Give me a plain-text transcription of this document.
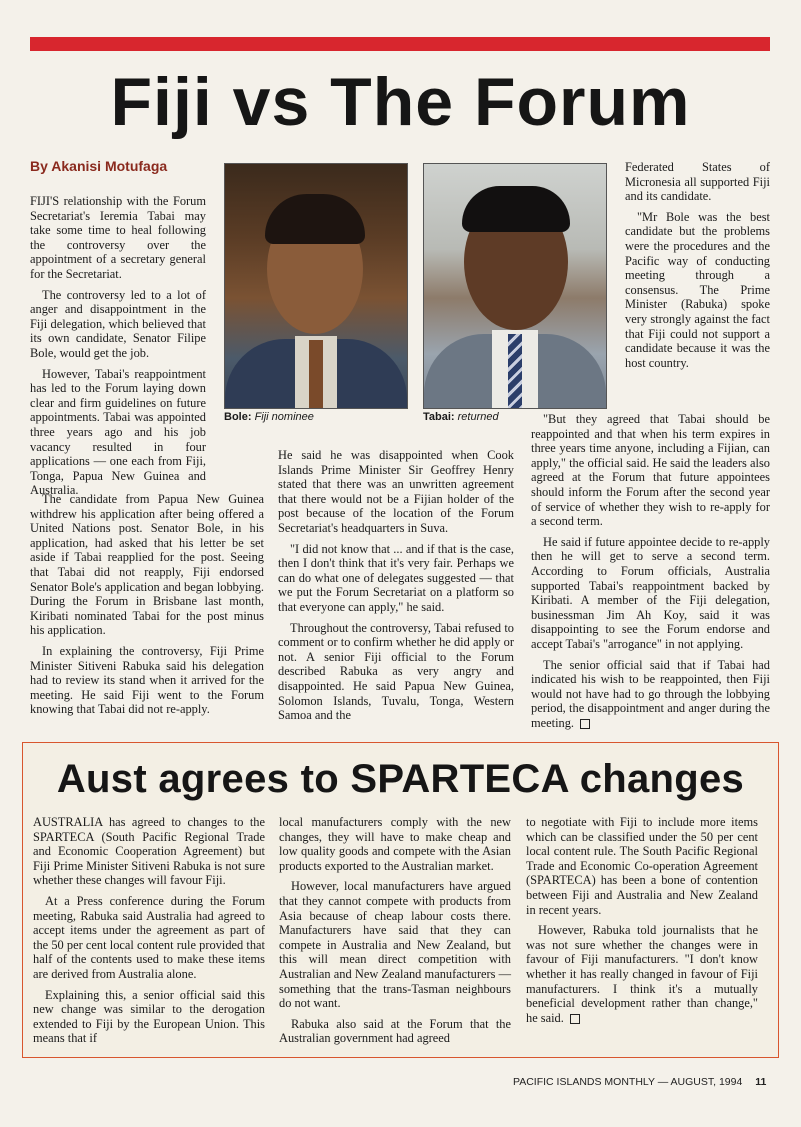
Fiji vs The Forum
By Akanisi Motufaga

FIJI'S relationship with the Forum Secretariat's Ieremia Tabai may take some time to heal following the controversy over the appointment of a secretary general for the Secretariat.

The controversy led to a lot of anger and disappointment in the Fiji delegation, which believed that its own candidate, Senator Filipe Bole, would get the job.

However, Tabai's reappointment has led to the Forum laying down clear and firm guidelines on future appointments. Tabai was appointed three years ago and his job vacancy resulted in four applications — one each from Fiji, Tonga, Papua New Guinea and Australia.

The candidate from Papua New Guinea withdrew his application after being offered a United Nations post. Senator Bole, in his application, had asked that his letter be set aside if Tabai reapplied for the post. Seeing that Tabai did not reapply, Fiji endorsed Senator Bole's application and began lobbying. During the Forum in Brisbane last month, Kiribati nominated Tabai for the post minus his application.

In explaining the controversy, Fiji Prime Minister Sitiveni Rabuka said his delegation had to review its stand when it arrived for the meeting. He said Fiji went to the Forum knowing that Tabai did not re-apply.

Bole: Fiji nominee	Tabai: returned

He said he was disappointed when Cook Islands Prime Minister Sir Geoffrey Henry stated that there was an unwritten agreement that there would not be a Fijian holder of the post because of the location of the Forum Secretariat's headquarters in Suva.

"I did not know that ... and if that is the case, then I don't think that it's very fair. Perhaps we can do what one of delegates suggested — that we put the Forum Secretariat on a platform so that everyone can apply," he said.

Throughout the controversy, Tabai refused to comment or to confirm whether he did apply or not. A senior Fiji official to the Forum described Rabuka as very angry and disappointed. He said Papua New Guinea, Solomon Islands, Tuvalu, Tonga, Western Samoa and the

Federated States of Micronesia all supported Fiji and its candidate.

"Mr Bole was the best candidate but the problems were the procedures and the Pacific way of conducting meeting through a consensus. The Prime Minister (Rabuka) spoke very strongly against the fact that Fiji could not support a candidate because it was the host country.

"But they agreed that Tabai should be reappointed and that when his term expires in three years time anyone, including a Fijian, can apply," the official said. He said the leaders also agreed at the Forum that future appointees should inform the Forum after the second year of service of whether they wish to re-apply for a second term.

He said if future appointee decide to re-apply then he will get to serve a second term. According to Forum officials, Australia supported Tabai's reappointment backed by Kiribati. A member of the Fiji delegation, businessman Jim Ah Koy, said it was disappointing to see the Forum endorse and accept Tabai's "arrogance" in not applying.

The senior official said that if Tabai had indicated his wish to be reappointed, then Fiji would not have had to go through the lobbying period, the disappointment and anger during the meeting.

Aust agrees to SPARTECA changes

AUSTRALIA has agreed to changes to the SPARTECA (South Pacific Regional Trade and Economic Cooperation Agreement) but Fiji Prime Minister Sitiveni Rabuka is not sure whether these changes will favour Fiji.

At a Press conference during the Forum meeting, Rabuka said Australia had agreed to accept items under the agreement as part of the 50 per cent local content rule provided that half of the contents used to make these items are derived from Australia alone.

Explaining this, a senior official said this new change was similar to the derogation extended to Fiji by the European Union. This means that if

local manufacturers comply with the new changes, they will have to make cheap and low quality goods and compete with the Asian products exported to the Australian market.

However, local manufacturers have argued that they cannot compete with products from Asia because of cheap labour costs there. Manufacturers have said that they can compete in Australia and New Zealand, but this will mean direct competition with Australian and New Zealand manufacturers — something that the trans-Tasman neighbours do not want.

Rabuka also said at the Forum that the Australian government had agreed

to negotiate with Fiji to include more items which can be classified under the 50 per cent local content rule. The South Pacific Regional Trade and Economic Co-operation Agreement (SPARTECA) has been a bone of contention between Fiji and Australia and New Zealand in recent years.

However, Rabuka told journalists that he was not sure whether the changes were in favour of Fiji manufacturers. "I don't know whether it has really changed in favour of Fiji manufacturers. I think it's a mutually beneficial development rather than change," he said.

PACIFIC ISLANDS MONTHLY — AUGUST, 1994 11
